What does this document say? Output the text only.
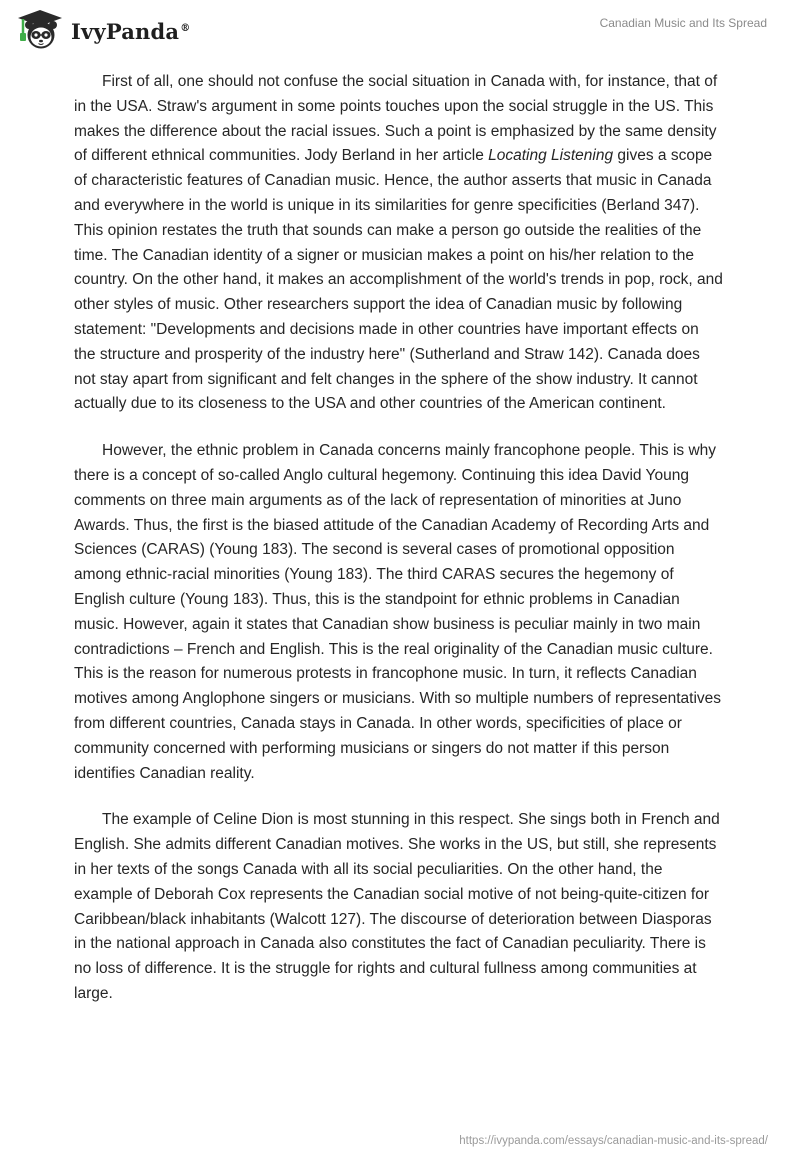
IvyPanda®	Canadian Music and Its Spread

First of all, one should not confuse the social situation in Canada with, for instance, that of in the USA. Straw's argument in some points touches upon the social struggle in the US. This makes the difference about the racial issues. Such a point is emphasized by the same density of different ethnical communities. Jody Berland in her article Locating Listening gives a scope of characteristic features of Canadian music. Hence, the author asserts that music in Canada and everywhere in the world is unique in its similarities for genre specificities (Berland 347). This opinion restates the truth that sounds can make a person go outside the realities of the time. The Canadian identity of a signer or musician makes a point on his/her relation to the country. On the other hand, it makes an accomplishment of the world's trends in pop, rock, and other styles of music. Other researchers support the idea of Canadian music by following statement: "Developments and decisions made in other countries have important effects on the structure and prosperity of the industry here" (Sutherland and Straw 142). Canada does not stay apart from significant and felt changes in the sphere of the show industry. It cannot actually due to its closeness to the USA and other countries of the American continent.

However, the ethnic problem in Canada concerns mainly francophone people. This is why there is a concept of so-called Anglo cultural hegemony. Continuing this idea David Young comments on three main arguments as of the lack of representation of minorities at Juno Awards. Thus, the first is the biased attitude of the Canadian Academy of Recording Arts and Sciences (CARAS) (Young 183). The second is several cases of promotional opposition among ethnic-racial minorities (Young 183). The third CARAS secures the hegemony of English culture (Young 183). Thus, this is the standpoint for ethnic problems in Canadian music. However, again it states that Canadian show business is peculiar mainly in two main contradictions – French and English. This is the real originality of the Canadian music culture. This is the reason for numerous protests in francophone music. In turn, it reflects Canadian motives among Anglophone singers or musicians. With so multiple numbers of representatives from different countries, Canada stays in Canada. In other words, specificities of place or community concerned with performing musicians or singers do not matter if this person identifies Canadian reality.

The example of Celine Dion is most stunning in this respect. She sings both in French and English. She admits different Canadian motives. She works in the US, but still, she represents in her texts of the songs Canada with all its social peculiarities. On the other hand, the example of Deborah Cox represents the Canadian social motive of not being-quite-citizen for Caribbean/black inhabitants (Walcott 127). The discourse of deterioration between Diasporas in the national approach in Canada also constitutes the fact of Canadian peculiarity. There is no loss of difference. It is the struggle for rights and cultural fullness among communities at large.

https://ivypanda.com/essays/canadian-music-and-its-spread/
